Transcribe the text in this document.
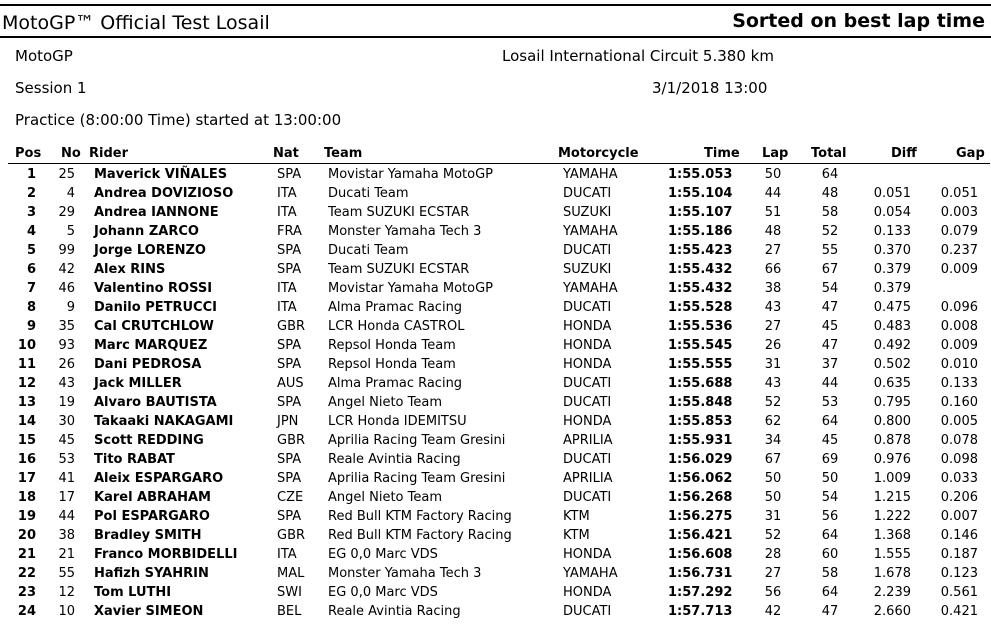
MotoGP™ Official Test Losail	Sorted on best lap time
MotoGP	Losail International Circuit 5.380 km
Session 1	3/1/2018 13:00
Practice (8:00:00 Time) started at 13:00:00
Pos No Rider	Nat Team	Motorcycle	Time Lap Total	Diff	Gap
1	25 Maverick VIÑALES	SPA	Movistar Yamaha MotoGP	YAMAHA	1:55.053	50	64
2	4 Andrea DOVIZIOSO	ITA	Ducati Team	DUCATI	1:55.104	44	48	0.051	0.051
3	29 Andrea IANNONE	ITA	Team SUZUKI ECSTAR	SUZUKI	1:55.107	51	58	0.054	0.003
4	5 Johann ZARCO	FRA	Monster Yamaha Tech 3	YAMAHA	1:55.186	48	52	0.133	0.079
5	99 Jorge LORENZO	SPA	Ducati Team	DUCATI	1:55.423	27	55	0.370	0.237
6	42 Alex RINS	SPA	Team SUZUKI ECSTAR	SUZUKI	1:55.432	66	67	0.379	0.009
7	46 Valentino ROSSI	ITA	Movistar Yamaha MotoGP	YAMAHA	1:55.432	38	54	0.379
8	9 Danilo PETRUCCI	ITA	Alma Pramac Racing	DUCATI	1:55.528	43	47	0.475	0.096
9	35 Cal CRUTCHLOW	GBR	LCR Honda CASTROL	HONDA	1:55.536	27	45	0.483	0.008
10	93 Marc MARQUEZ	SPA	Repsol Honda Team	HONDA	1:55.545	26	47	0.492	0.009
11	26 Dani PEDROSA	SPA	Repsol Honda Team	HONDA	1:55.555	31	37	0.502	0.010
12	43 Jack MILLER	AUS	Alma Pramac Racing	DUCATI	1:55.688	43	44	0.635	0.133
13	19 Alvaro BAUTISTA	SPA	Angel Nieto Team	DUCATI	1:55.848	52	53	0.795	0.160
14	30 Takaaki NAKAGAMI	JPN	LCR Honda IDEMITSU	HONDA	1:55.853	62	64	0.800	0.005
15	45 Scott REDDING	GBR	Aprilia Racing Team Gresini	APRILIA	1:55.931	34	45	0.878	0.078
16	53 Tito RABAT	SPA	Reale Avintia Racing	DUCATI	1:56.029	67	69	0.976	0.098
17	41 Aleix ESPARGARO	SPA	Aprilia Racing Team Gresini	APRILIA	1:56.062	50	50	1.009	0.033
18	17 Karel ABRAHAM	CZE	Angel Nieto Team	DUCATI	1:56.268	50	54	1.215	0.206
19	44 Pol ESPARGARO	SPA	Red Bull KTM Factory Racing	KTM	1:56.275	31	56	1.222	0.007
20	38 Bradley SMITH	GBR	Red Bull KTM Factory Racing	KTM	1:56.421	52	64	1.368	0.146
21	21 Franco MORBIDELLI	ITA	EG 0,0 Marc VDS	HONDA	1:56.608	28	60	1.555	0.187
22	55 Hafizh SYAHRIN	MAL	Monster Yamaha Tech 3	YAMAHA	1:56.731	27	58	1.678	0.123
23	12 Tom LUTHI	SWI	EG 0,0 Marc VDS	HONDA	1:57.292	56	64	2.239	0.561
24	10 Xavier SIMEON	BEL	Reale Avintia Racing	DUCATI	1:57.713	42	47	2.660	0.421
